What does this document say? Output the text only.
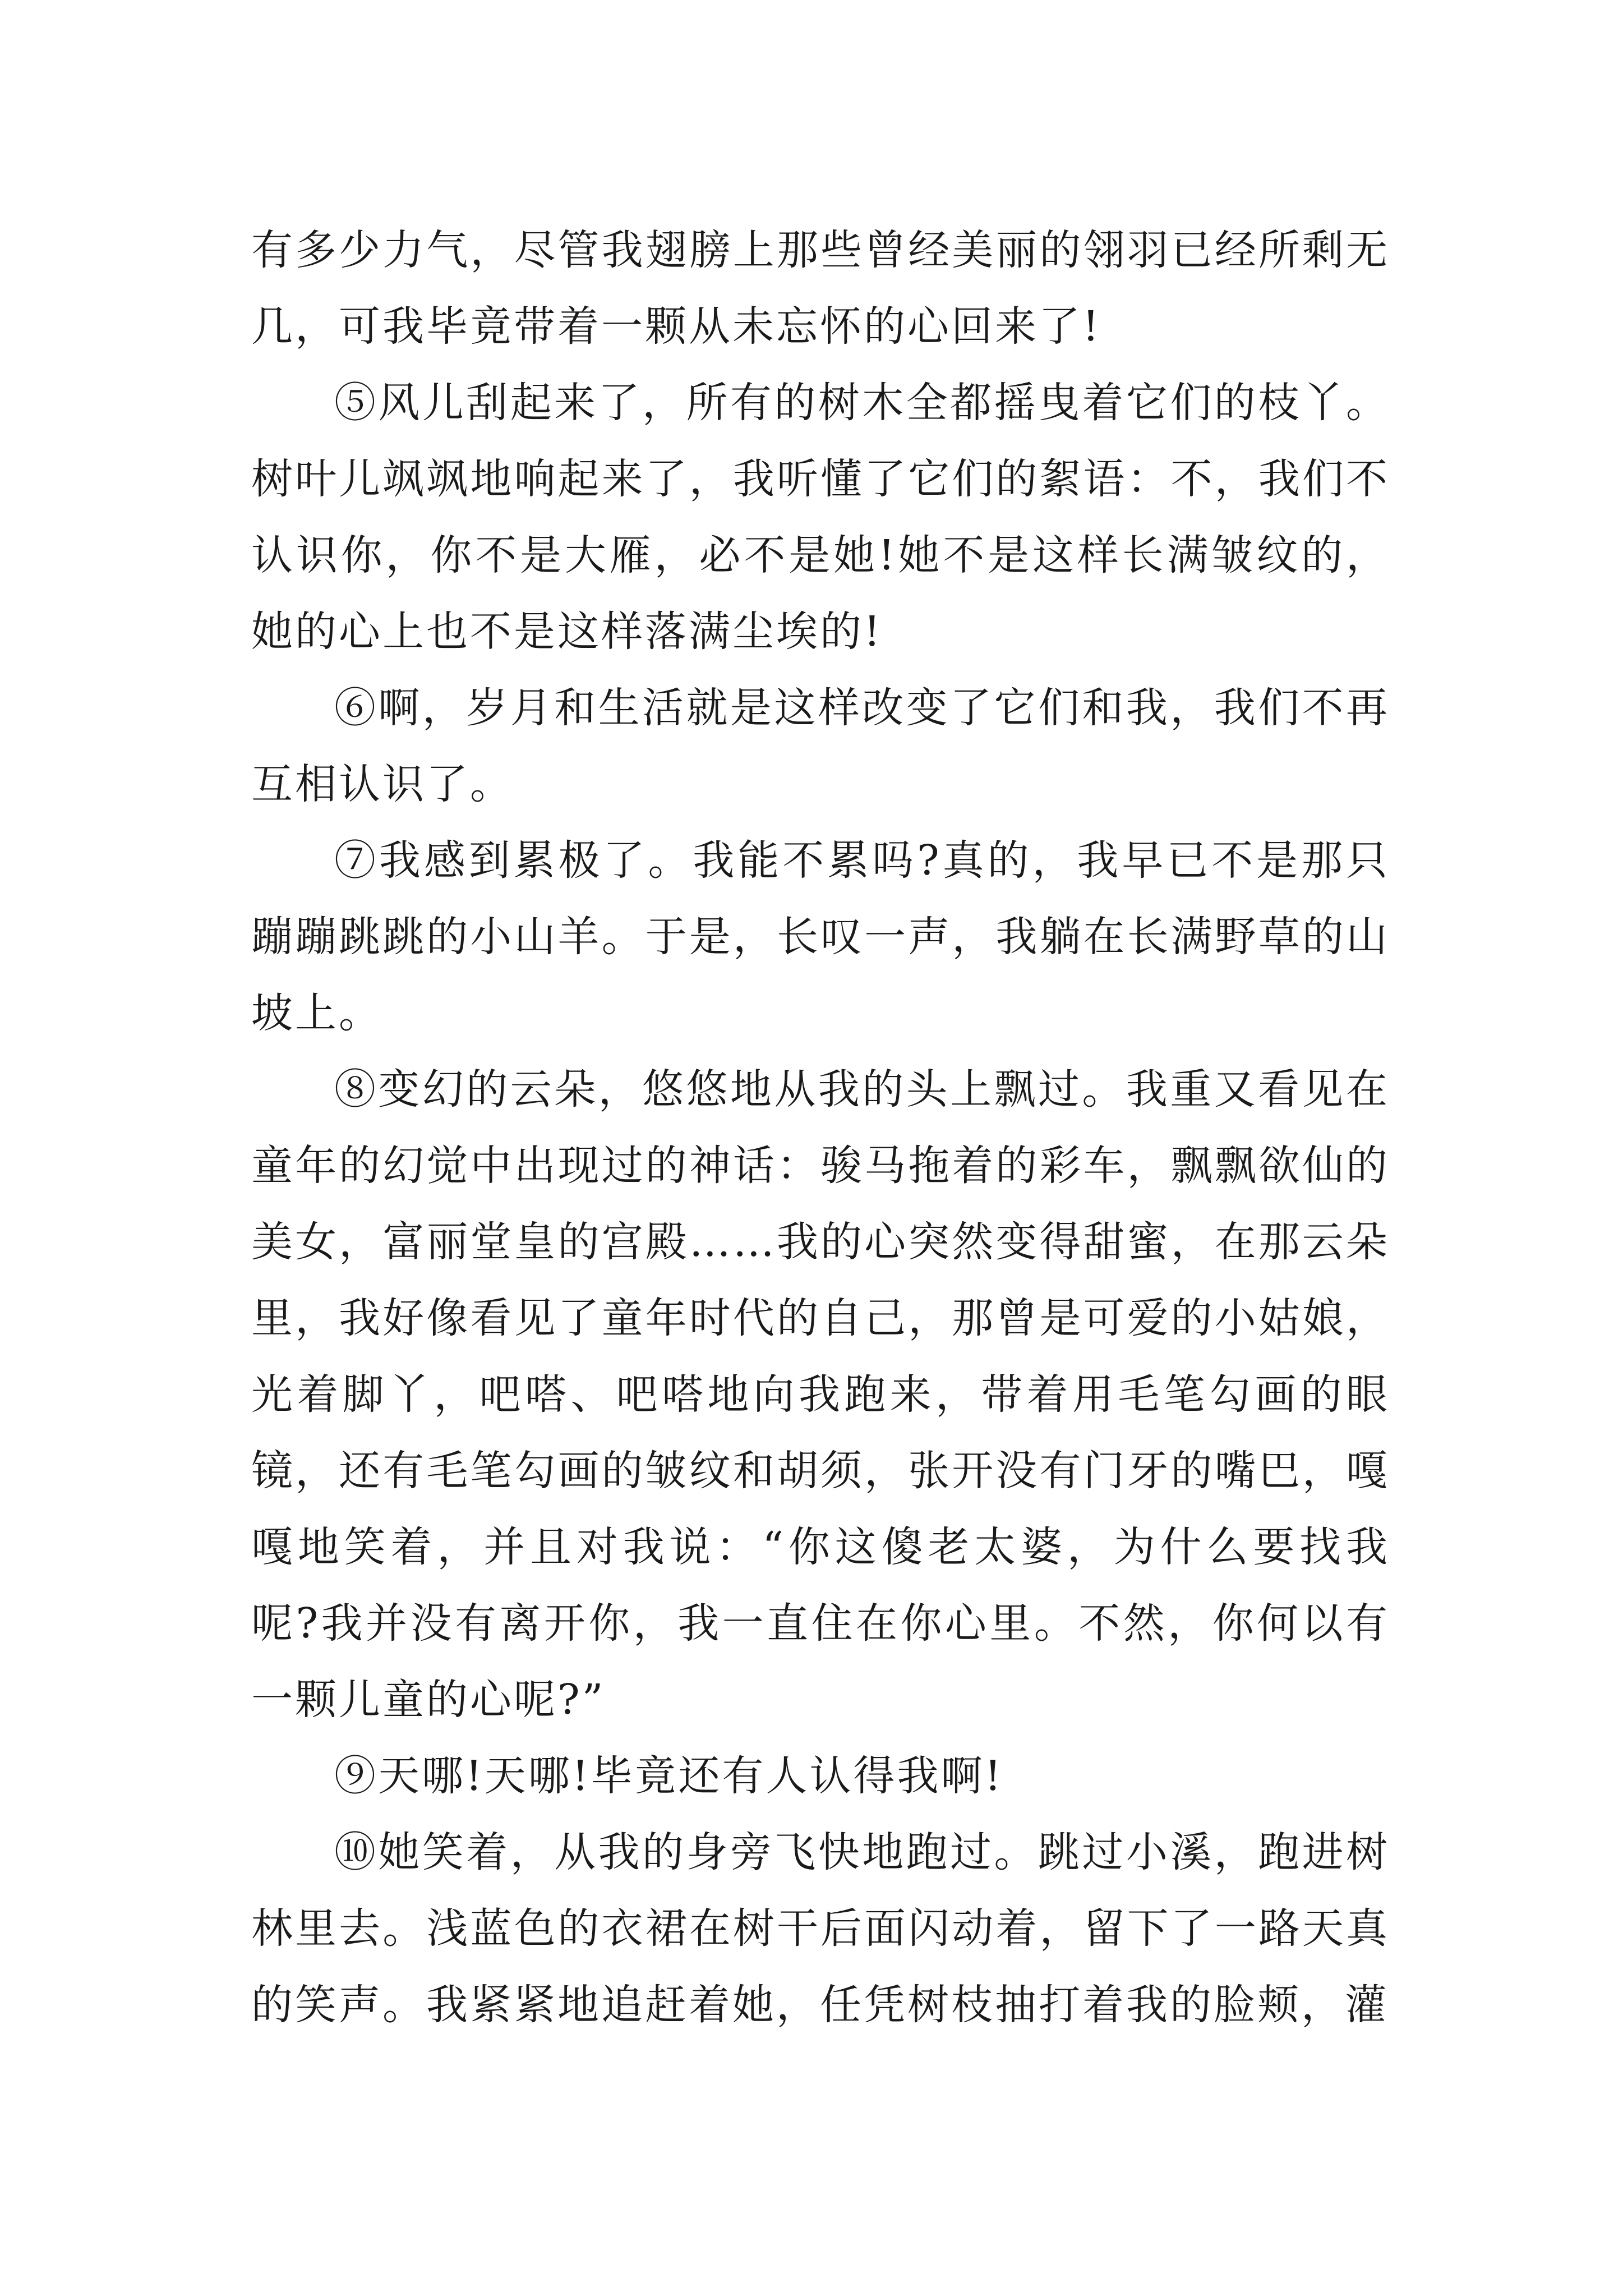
有多少力气，尽管我翅膀上那些曾经美丽的翎羽已经所剩无几，可我毕竟带着一颗从未忘怀的心回来了!

⑤风儿刮起来了，所有的树木全都摇曳着它们的枝丫。树叶儿飒飒地响起来了，我听懂了它们的絮语：不，我们不认识你，你不是大雁，必不是她!她不是这样长满皱纹的，她的心上也不是这样落满尘埃的!

⑥啊，岁月和生活就是这样改变了它们和我，我们不再互相认识了。

⑦我感到累极了。我能不累吗?真的，我早已不是那只蹦蹦跳跳的小山羊。于是，长叹一声，我躺在长满野草的山坡上。

⑧变幻的云朵，悠悠地从我的头上飘过。我重又看见在童年的幻觉中出现过的神话：骏马拖着的彩车，飘飘欲仙的美女，富丽堂皇的宫殿……我的心突然变得甜蜜，在那云朵里，我好像看见了童年时代的自己，那曾是可爱的小姑娘，光着脚丫，吧嗒、吧嗒地向我跑来，带着用毛笔勾画的眼镜，还有毛笔勾画的皱纹和胡须，张开没有门牙的嘴巴，嘎嘎地笑着，并且对我说：“你这傻老太婆，为什么要找我呢?我并没有离开你，我一直住在你心里。不然，你何以有一颗儿童的心呢?”

⑨天哪!天哪!毕竟还有人认得我啊!

⑩她笑着，从我的身旁飞快地跑过。跳过小溪，跑进树林里去。浅蓝色的衣裙在树干后面闪动着，留下了一路天真的笑声。我紧紧地追赶着她，任凭树枝抽打着我的脸颊，灌
